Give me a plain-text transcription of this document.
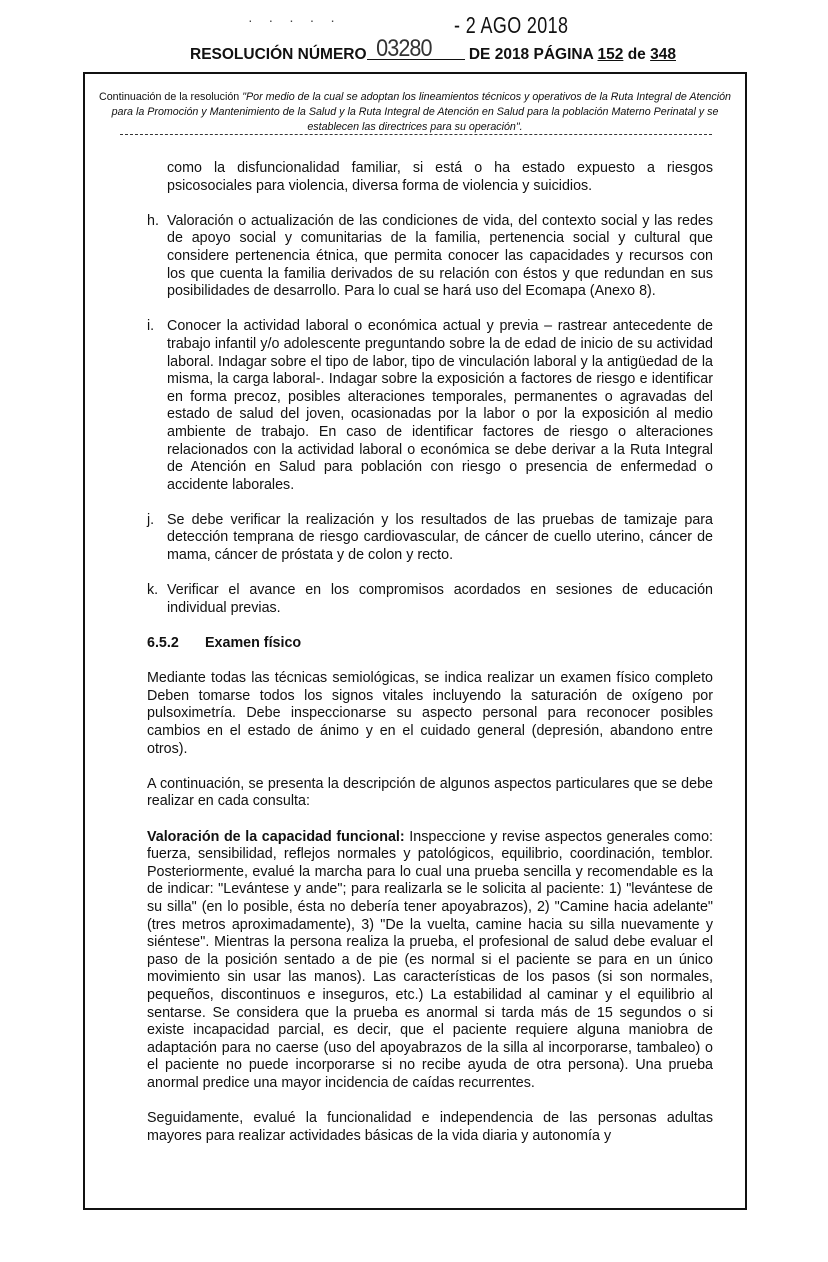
· · · · ·	- 2 AGO 2018
RESOLUCIÓN NÚMERO 03280 DE 2018 PÁGINA 152 de 348
Continuación de la resolución "Por medio de la cual se adoptan los lineamientos técnicos y operativos de la Ruta Integral de Atención para la Promoción y Mantenimiento de la Salud y la Ruta Integral de Atención en Salud para la población Materno Perinatal y se establecen las directrices para su operación".
como la disfuncionalidad familiar, si está o ha estado expuesto a riesgos psicosociales para violencia, diversa forma de violencia y suicidios.
h. Valoración o actualización de las condiciones de vida, del contexto social y las redes de apoyo social y comunitarias de la familia, pertenencia social y cultural que considere pertenencia étnica, que permita conocer las capacidades y recursos con los que cuenta la familia derivados de su relación con éstos y que redundan en sus posibilidades de desarrollo. Para lo cual se hará uso del Ecomapa (Anexo 8).
i. Conocer la actividad laboral o económica actual y previa – rastrear antecedente de trabajo infantil y/o adolescente preguntando sobre la de edad de inicio de su actividad laboral. Indagar sobre el tipo de labor, tipo de vinculación laboral y la antigüedad de la misma, la carga laboral-. Indagar sobre la exposición a factores de riesgo e identificar en forma precoz, posibles alteraciones temporales, permanentes o agravadas del estado de salud del joven, ocasionadas por la labor o por la exposición al medio ambiente de trabajo. En caso de identificar factores de riesgo o alteraciones relacionados con la actividad laboral o económica se debe derivar a la Ruta Integral de Atención en Salud para población con riesgo o presencia de enfermedad o accidente laborales.
j. Se debe verificar la realización y los resultados de las pruebas de tamizaje para detección temprana de riesgo cardiovascular, de cáncer de cuello uterino, cáncer de mama, cáncer de próstata y de colon y recto.
k. Verificar el avance en los compromisos acordados en sesiones de educación individual previas.
6.5.2 Examen físico
Mediante todas las técnicas semiológicas, se indica realizar un examen físico completo Deben tomarse todos los signos vitales incluyendo la saturación de oxígeno por pulsoximetría. Debe inspeccionarse su aspecto personal para reconocer posibles cambios en el estado de ánimo y en el cuidado general (depresión, abandono entre otros).
A continuación, se presenta la descripción de algunos aspectos particulares que se debe realizar en cada consulta:
Valoración de la capacidad funcional: Inspeccione y revise aspectos generales como: fuerza, sensibilidad, reflejos normales y patológicos, equilibrio, coordinación, temblor. Posteriormente, evalué la marcha para lo cual una prueba sencilla y recomendable es la de indicar: "Levántese y ande"; para realizarla se le solicita al paciente: 1) "levántese de su silla" (en lo posible, ésta no debería tener apoyabrazos), 2) "Camine hacia adelante" (tres metros aproximadamente), 3) "De la vuelta, camine hacia su silla nuevamente y siéntese". Mientras la persona realiza la prueba, el profesional de salud debe evaluar el paso de la posición sentado a de pie (es normal si el paciente se para en un único movimiento sin usar las manos). Las características de los pasos (si son normales, pequeños, discontinuos e inseguros, etc.) La estabilidad al caminar y el equilibrio al sentarse. Se considera que la prueba es anormal si tarda más de 15 segundos o si existe incapacidad parcial, es decir, que el paciente requiere alguna maniobra de adaptación para no caerse (uso del apoyabrazos de la silla al incorporarse, tambaleo) o el paciente no puede incorporarse si no recibe ayuda de otra persona). Una prueba anormal predice una mayor incidencia de caídas recurrentes.
Seguidamente, evalué la funcionalidad e independencia de las personas adultas mayores para realizar actividades básicas de la vida diaria y autonomía y
